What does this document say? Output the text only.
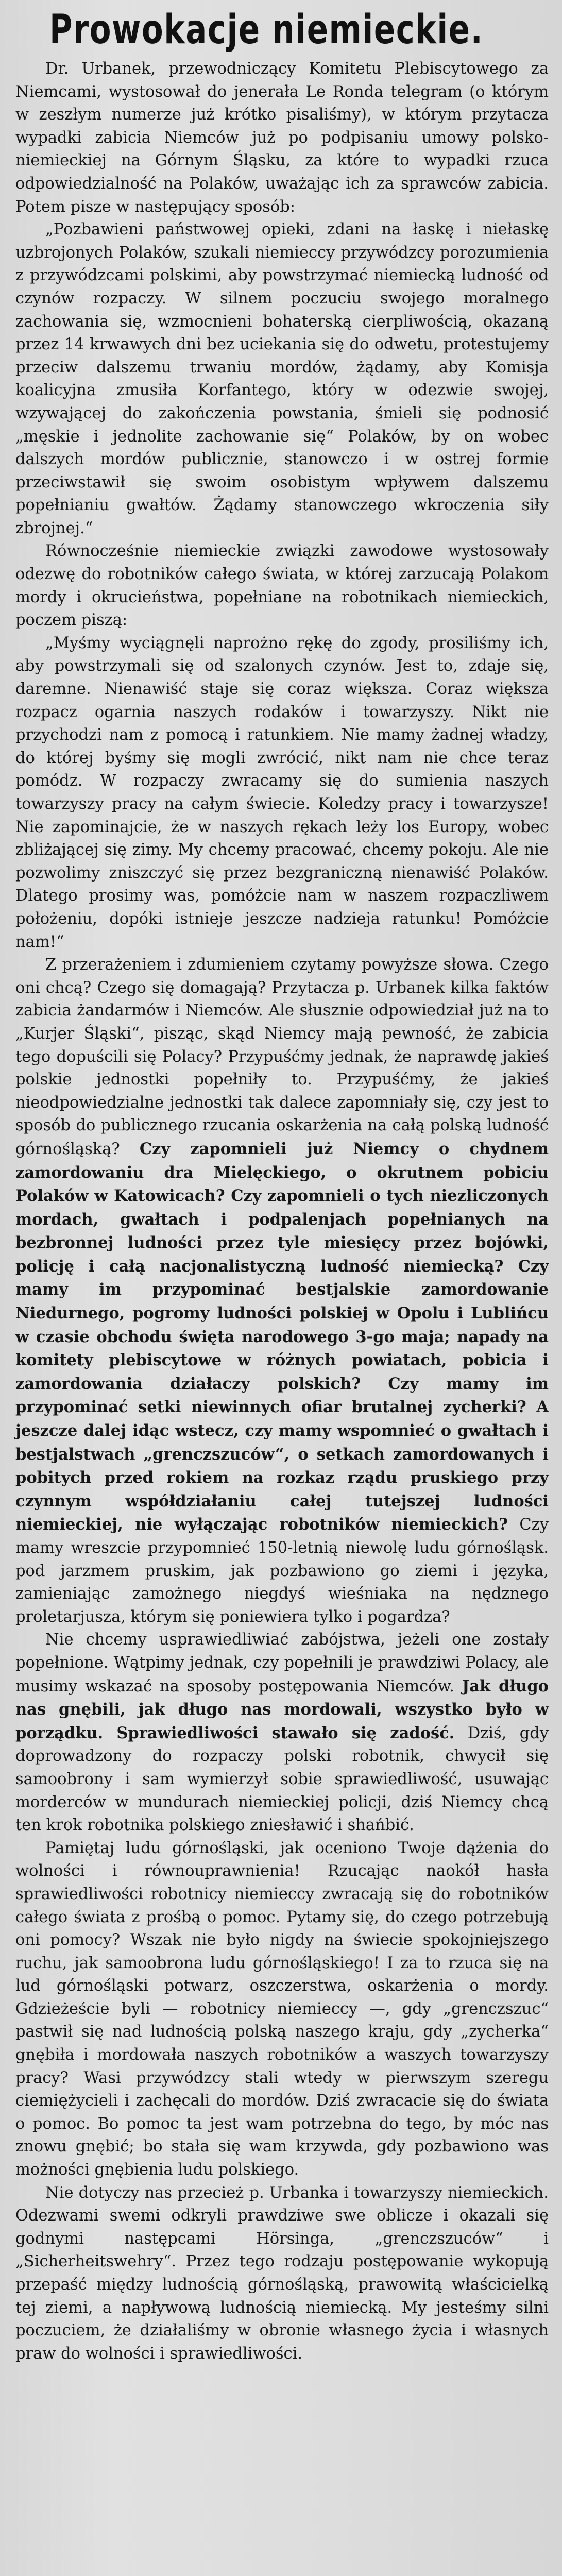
Prowokacje niemieckie.

Dr. Urbanek, przewodniczący Komitetu Plebiscytowego za Niemcami, wystosował do jenerała Le Ronda telegram (o którym w zeszłym numerze już krótko pisaliśmy), w którym przytacza wypadki zabicia Niemców już po podpisaniu umowy polsko-niemieckiej na Górnym Śląsku, za które to wypadki rzuca odpowiedzialność na Polaków, uważając ich za sprawców zabicia. Potem pisze w następujący sposób:

„Pozbawieni państwowej opieki, zdani na łaskę i niełaskę uzbrojonych Polaków, szukali niemieccy przywódzcy porozumienia z przywódzcami polskimi, aby powstrzymać niemiecką ludność od czynów rozpaczy. W silnem poczuciu swojego moralnego zachowania się, wzmocnieni bohaterską cierpliwością, okazaną przez 14 krwawych dni bez uciekania się do odwetu, protestujemy przeciw dalszemu trwaniu mordów, żądamy, aby Komisja koalicyjna zmusiła Korfantego, który w odezwie swojej, wzywającej do zakończenia powstania, śmieli się podnosić „męskie i jednolite zachowanie się“ Polaków, by on wobec dalszych mordów publicznie, stanowczo i w ostrej formie przeciwstawił się swoim osobistym wpływem dalszemu popełnianiu gwałtów. Żądamy stanowczego wkroczenia siły zbrojnej.“

Równocześnie niemieckie związki zawodowe wystosowały odezwę do robotników całego świata, w której zarzucają Polakom mordy i okrucieństwa, popełniane na robotnikach niemieckich, poczem piszą:

„Myśmy wyciągnęli naprożno rękę do zgody, prosiliśmy ich, aby powstrzymali się od szalonych czynów. Jest to, zdaje się, daremne. Nienawiść staje się coraz większa. Coraz większa rozpacz ogarnia naszych rodaków i towarzyszy. Nikt nie przychodzi nam z pomocą i ratunkiem. Nie mamy żadnej władzy, do której byśmy się mogli zwrócić, nikt nam nie chce teraz pomódz. W rozpaczy zwracamy się do sumienia naszych towarzyszy pracy na całym świecie. Koledzy pracy i towarzysze! Nie zapominajcie, że w naszych rękach leży los Europy, wobec zbliżającej się zimy. My chcemy pracować, chcemy pokoju. Ale nie pozwolimy zniszczyć się przez bezgraniczną nienawiść Polaków. Dlatego prosimy was, pomóżcie nam w naszem rozpaczliwem położeniu, dopóki istnieje jeszcze nadzieja ratunku! Pomóżcie nam!“

Z przerażeniem i zdumieniem czytamy powyższe słowa. Czego oni chcą? Czego się domagają? Przytacza p. Urbanek kilka faktów zabicia żandarmów i Niemców. Ale słusznie odpowiedział już na to „Kurjer Śląski“, pisząc, skąd Niemcy mają pewność, że zabicia tego dopuścili się Polacy? Przypuśćmy jednak, że naprawdę jakieś polskie jednostki popełniły to. Przypuśćmy, że jakieś nieodpowiedzialne jednostki tak dalece zapomniały się, czy jest to sposób do publicznego rzucania oskarżenia na całą polską ludność górnośląską? Czy zapomnieli już Niemcy o chydnem zamordowaniu dra Mielęckiego, o okrutnem pobiciu Polaków w Katowicach? Czy zapomnieli o tych niezliczonych mordach, gwałtach i podpalenjach popełnianych na bezbronnej ludności przez tyle miesięcy przez bojówki, policję i całą nacjonalistyczną ludność niemiecką? Czy mamy im przypominać bestjalskie zamordowanie Niedurnego, pogromy ludności polskiej w Opolu i Lublińcu w czasie obchodu święta narodowego 3-go maja; napady na komitety plebiscytowe w różnych powiatach, pobicia i zamordowania działaczy polskich? Czy mamy im przypominać setki niewinnych ofiar brutalnej zycherki? A jeszcze dalej idąc wstecz, czy mamy wspomnieć o gwałtach i bestjalstwach „grenczszuców“, o setkach zamordowanych i pobitych przed rokiem na rozkaz rządu pruskiego przy czynnym współdziałaniu całej tutejszej ludności niemieckiej, nie wyłączając robotników niemieckich? Czy mamy wreszcie przypomnieć 150-letnią niewolę ludu górnośląsk. pod jarzmem pruskim, jak pozbawiono go ziemi i języka, zamieniając zamożnego niegdyś wieśniaka na nędznego proletarjusza, którym się poniewiera tylko i pogardza?

Nie chcemy usprawiedliwiać zabójstwa, jeżeli one zostały popełnione. Wątpimy jednak, czy popełnili je prawdziwi Polacy, ale musimy wskazać na sposoby postępowania Niemców. Jak długo nas gnębili, jak długo nas mordowali, wszystko było w porządku. Sprawiedliwości stawało się zadość. Dziś, gdy doprowadzony do rozpaczy polski robotnik, chwycił się samoobrony i sam wymierzył sobie sprawiedliwość, usuwając morderców w mundurach niemieckiej policji, dziś Niemcy chcą ten krok robotnika polskiego zniesławić i shańbić.

Pamiętaj ludu górnośląski, jak oceniono Twoje dążenia do wolności i równouprawnienia! Rzucając naokół hasła sprawiedliwości robotnicy niemieccy zwracają się do robotników całego świata z prośbą o pomoc. Pytamy się, do czego potrzebują oni pomocy? Wszak nie było nigdy na świecie spokojniejszego ruchu, jak samoobrona ludu górnośląskiego! I za to rzuca się na lud górnośląski potwarz, oszczerstwa, oskarżenia o mordy. Gdzieżeście byli — robotnicy niemieccy —, gdy „grenczszuc“ pastwił się nad ludnością polską naszego kraju, gdy „zycherka“ gnębiła i mordowała naszych robotników a waszych towarzyszy pracy? Wasi przywódzcy stali wtedy w pierwszym szeregu ciemiężycieli i zachęcali do mordów. Dziś zwracacie się do świata o pomoc. Bo pomoc ta jest wam potrzebna do tego, by móc nas znowu gnębić; bo stała się wam krzywda, gdy pozbawiono was możności gnębienia ludu polskiego.

Nie dotyczy nas przecież p. Urbanka i towarzyszy niemieckich. Odezwami swemi odkryli prawdziwe swe oblicze i okazali się godnymi następcami Hörsinga, „grenczszuców“ i „Sicherheitswehry“. Przez tego rodzaju postępowanie wykopują przepaść między ludnością górnośląską, prawowitą właścicielką tej ziemi, a napływową ludnością niemiecką. My jesteśmy silni poczuciem, że działaliśmy w obronie własnego życia i własnych praw do wolności i sprawiedliwości.
